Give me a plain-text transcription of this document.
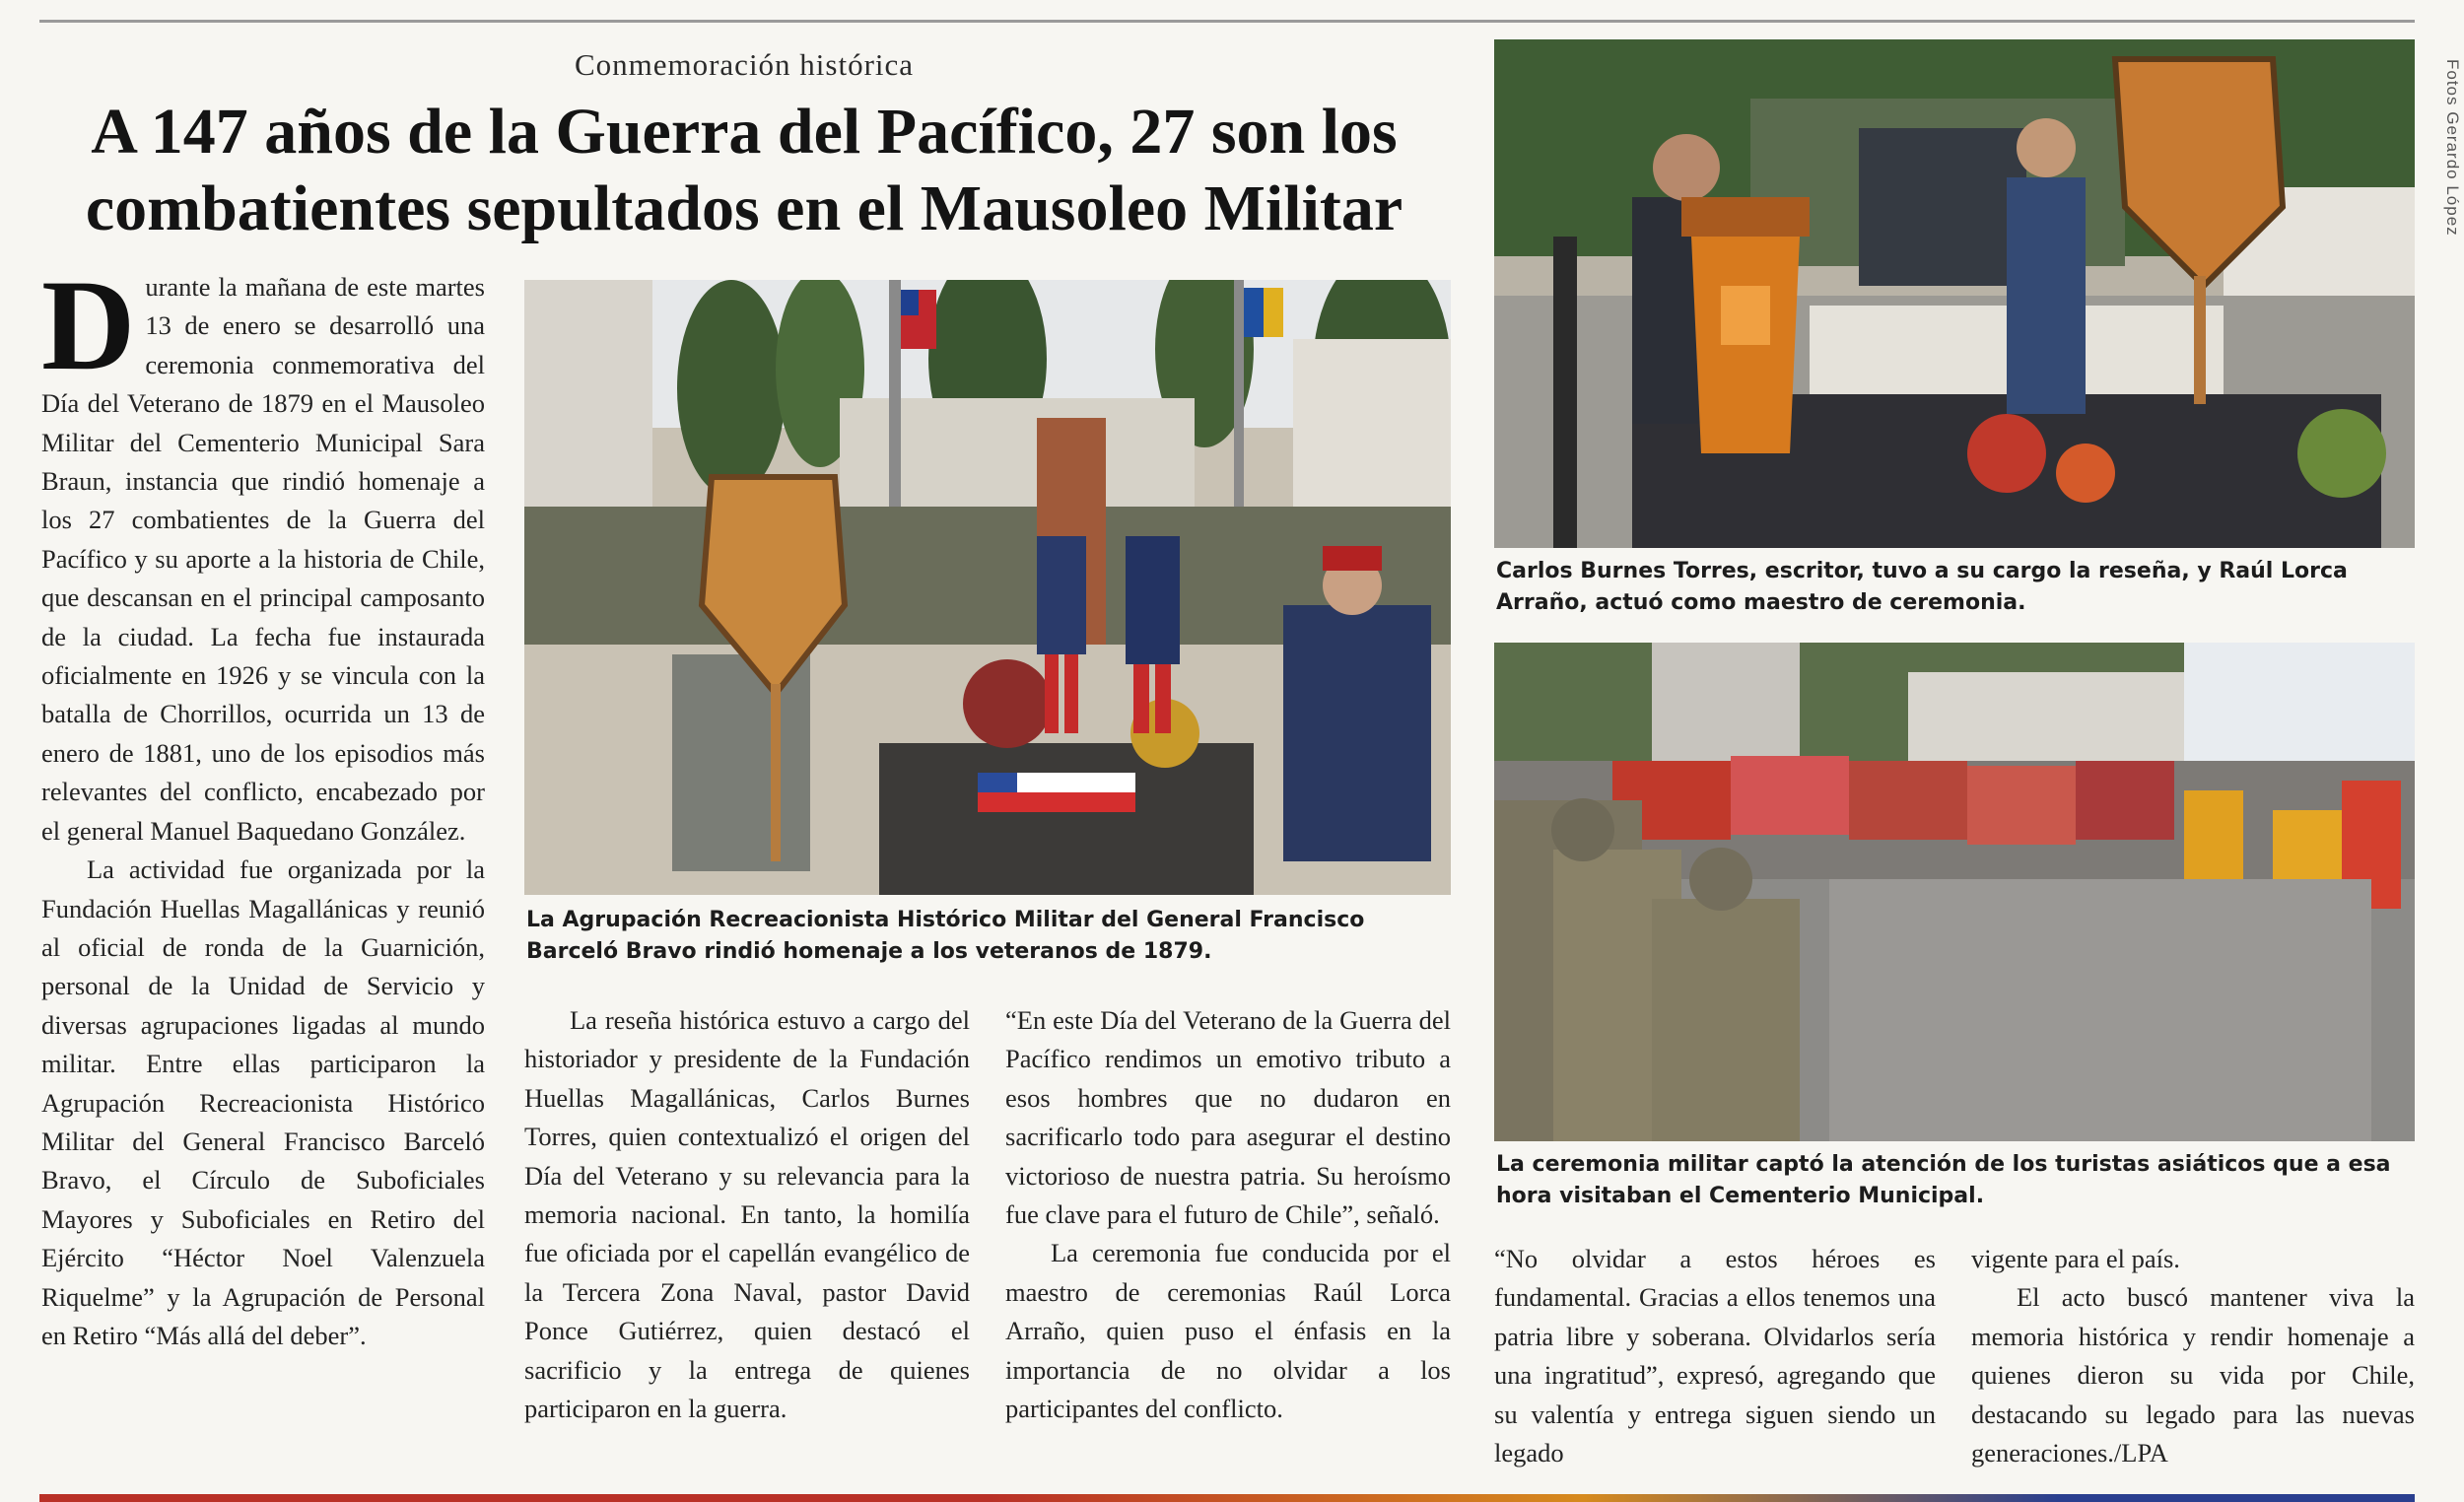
Conmemoración histórica
A 147 años de la Guerra del Pacífico, 27 son los
combatientes sepultados en el Mausoleo Militar	Fotos Gerardo López

Durante la mañana de este martes 13 de enero se desarrolló una ceremonia conmemorativa del Día del Veterano de 1879 en el Mausoleo Militar del Cementerio Municipal Sara Braun, instancia que rindió homenaje a los 27 combatientes de la Guerra del Pacífico y su aporte a la historia de Chile, que descansan en el principal camposanto de la ciudad. La fecha fue instaurada oficialmente en 1926 y se vincula con la batalla de Chorrillos, ocurrida un 13 de enero de 1881, uno de los episodios más relevantes del conflicto, encabezado por el general Manuel Baquedano González.

La actividad fue organizada por la Fundación Huellas Magallánicas y reunió al oficial de ronda de la Guarnición, personal de la Unidad de Servicio y diversas agrupaciones ligadas al mundo militar. Entre ellas participaron la Agrupación Recreacionista Histórico Militar del General Francisco Barceló Bravo, el Círculo de Suboficiales Mayores y Suboficiales en Retiro del Ejército “Héctor Noel Valenzuela Riquelme” y la Agrupación de Personal en Retiro “Más allá del deber”.

La Agrupación Recreacionista Histórico Militar del General Francisco Barceló Bravo rindió homenaje a los veteranos de 1879.

La reseña histórica estuvo a cargo del historiador y presidente de la Fundación Huellas Magallánicas, Carlos Burnes Torres, quien contextualizó el origen del Día del Veterano y su relevancia para la memoria nacional. En tanto, la homilía fue oficiada por el capellán evangélico de la Tercera Zona Naval, pastor David Ponce Gutiérrez, quien destacó el sacrificio y la entrega de quienes participaron en la guerra.

“En este Día del Veterano de la Guerra del Pacífico rendimos un emotivo tributo a esos hombres que no dudaron en sacrificarlo todo para asegurar el destino victorioso de nuestra patria. Su heroísmo fue clave para el futuro de Chile”, señaló.

La ceremonia fue conducida por el maestro de ceremonias Raúl Lorca Arraño, quien puso el énfasis en la importancia de no olvidar a los participantes del conflicto.

Carlos Burnes Torres, escritor, tuvo a su cargo la reseña, y Raúl Lorca Arraño, actuó como maestro de ceremonia.
La ceremonia militar captó la atención de los turistas asiáticos que a esa hora visitaban el Cementerio Municipal.

“No olvidar a estos héroes es fundamental. Gracias a ellos tenemos una patria libre y soberana. Olvidarlos sería una ingratitud”, expresó, agregando que su valentía y entrega siguen siendo un legado

vigente para el país.

El acto buscó mantener viva la memoria histórica y rendir homenaje a quienes dieron su vida por Chile, destacando su legado para las nuevas generaciones./LPA
